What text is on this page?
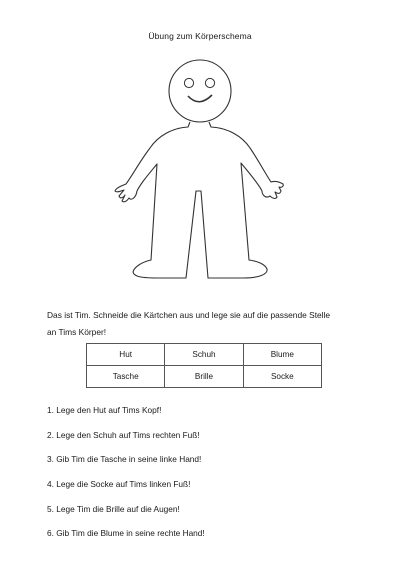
Übung zum Körperschema
Das ist Tim. Schneide die Kärtchen aus und lege sie auf die passende Stelle
an Tims Körper!
Hut	Schuh	Blume
Tasche	Brille	Socke
1. Lege den Hut auf Tims Kopf!
2. Lege den Schuh auf Tims rechten Fuß!
3. Gib Tim die Tasche in seine linke Hand!
4. Lege die Socke auf Tims linken Fuß!
5. Lege Tim die Brille auf die Augen!
6. Gib Tim die Blume in seine rechte Hand!
